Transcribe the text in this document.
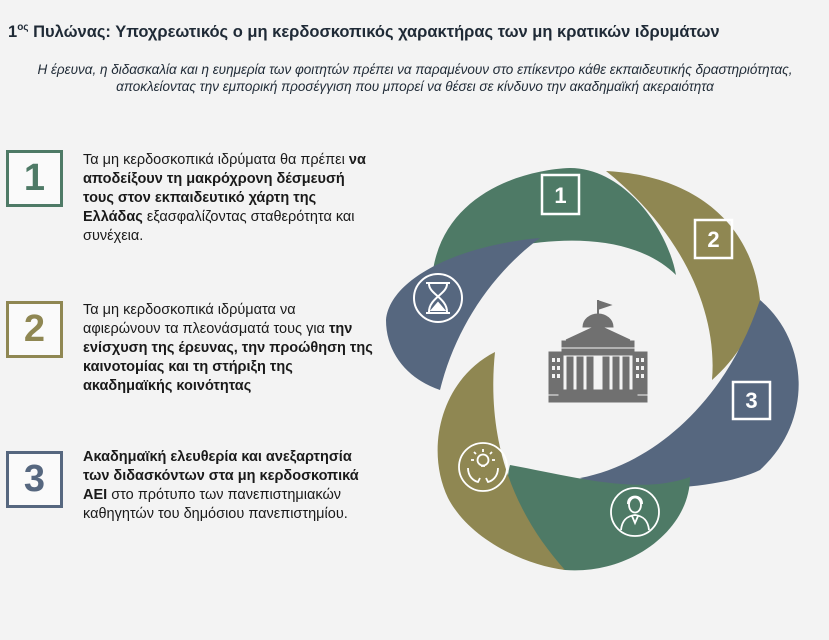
$1^{o\varsigma}$ Πυλώνας: Υποχρεωτικός ο μη κερδοσκοπικός χαρακτήρας των μη κρατικών ιδρυμάτων
Η έρευνα, η διδασκαλία και η ευημερία των φοιτητών πρέπει να παραμένουν στο επίκεντρο κάθε εκπαιδευτικής δραστηριότητας, αποκλείοντας την εμπορική προσέγγιση που μπορεί να θέσει σε κίνδυνο την ακαδημαϊκή ακεραιότητα
1	Τα μη κερδοσκοπικά ιδρύματα θα πρέπει να αποδείξουν τη μακρόχρονη δέσμευσή τους στον εκπαιδευτικό χάρτη της Ελλάδας εξασφαλίζοντας σταθερότητα και συνέχεια.
2	Τα μη κερδοσκοπικά ιδρύματα να αφιερώνουν τα πλεονάσματά τους για την ενίσχυση της έρευνας, την προώθηση της καινοτομίας και τη στήριξη της ακαδημαϊκής κοινότητας
3
Ακαδημαϊκή ελευθερία και ανεξαρτησία των διδασκόντων στα μη κερδοσκοπικά ΑΕΙ στο πρότυπο των πανεπιστημιακών καθηγητών του δημόσιου πανεπιστημίου.
1
2
3
